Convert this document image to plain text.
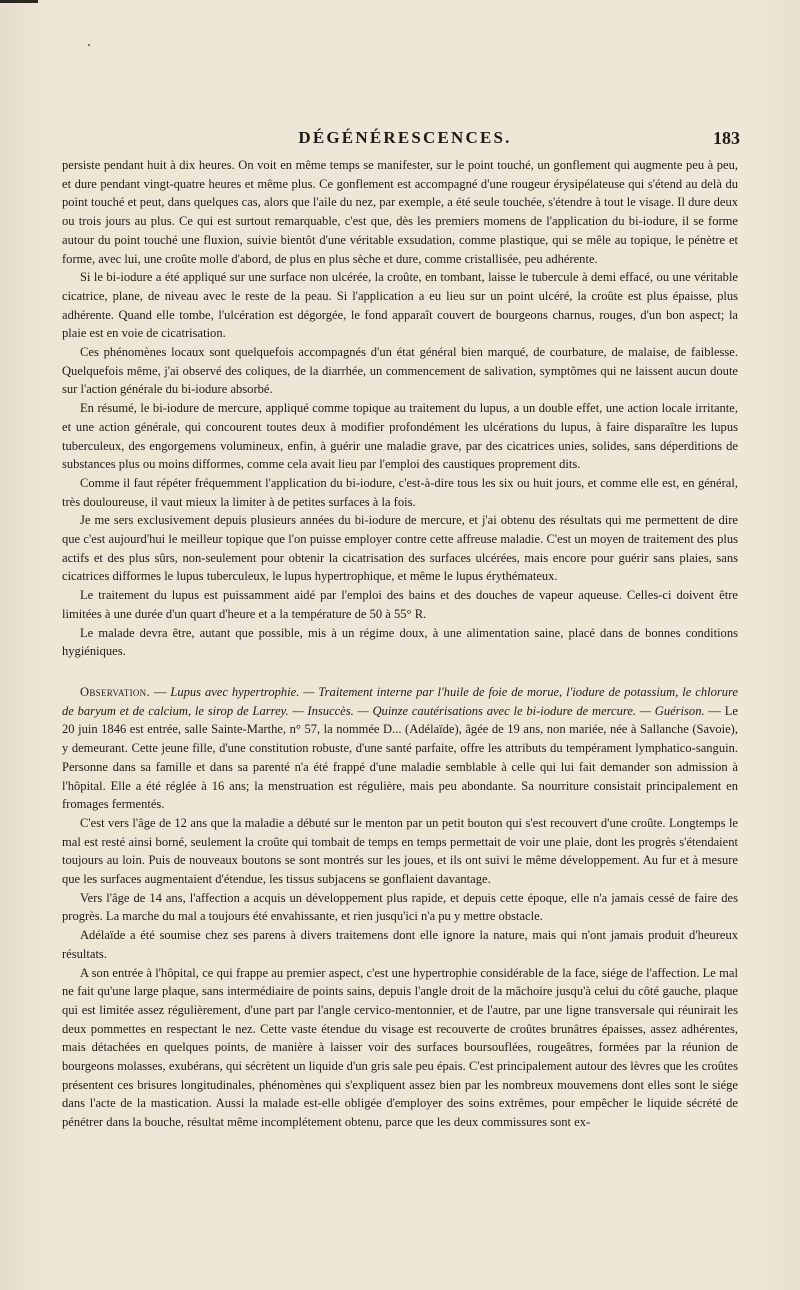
DÉGÉNÉRESCENCES.	183

persiste pendant huit à dix heures. On voit en même temps se manifester, sur le point touché, un gonflement qui augmente peu à peu, et dure pendant vingt-quatre heures et même plus. Ce gonflement est accompagné d'une rougeur érysipélateuse qui s'étend au delà du point touché et peut, dans quelques cas, alors que l'aile du nez, par exemple, a été seule touchée, s'étendre à tout le visage. Il dure deux ou trois jours au plus. Ce qui est surtout remarquable, c'est que, dès les premiers momens de l'application du bi-iodure, il se forme autour du point touché une fluxion, suivie bientôt d'une véritable exsudation, comme plastique, qui se mêle au topique, le pénètre et forme, avec lui, une croûte molle d'abord, de plus en plus sèche et dure, comme cristallisée, peu adhérente.

Si le bi-iodure a été appliqué sur une surface non ulcérée, la croûte, en tombant, laisse le tubercule à demi effacé, ou une véritable cicatrice, plane, de niveau avec le reste de la peau. Si l'application a eu lieu sur un point ulcéré, la croûte est plus épaisse, plus adhérente. Quand elle tombe, l'ulcération est dégorgée, le fond apparaît couvert de bourgeons charnus, rouges, d'un bon aspect; la plaie est en voie de cicatrisation.

Ces phénomènes locaux sont quelquefois accompagnés d'un état général bien marqué, de courbature, de malaise, de faiblesse. Quelquefois même, j'ai observé des coliques, de la diarrhée, un commencement de salivation, symptômes qui ne laissent aucun doute sur l'action générale du bi-iodure absorbé.

En résumé, le bi-iodure de mercure, appliqué comme topique au traitement du lupus, a un double effet, une action locale irritante, et une action générale, qui concourent toutes deux à modifier profondément les ulcérations du lupus, à faire disparaître les lupus tuberculeux, des engorgemens volumineux, enfin, à guérir une maladie grave, par des cicatrices unies, solides, sans déperditions de substances plus ou moins difformes, comme cela avait lieu par l'emploi des caustiques proprement dits.

Comme il faut répéter fréquemment l'application du bi-iodure, c'est-à-dire tous les six ou huit jours, et comme elle est, en général, très douloureuse, il vaut mieux la limiter à de petites surfaces à la fois.

Je me sers exclusivement depuis plusieurs années du bi-iodure de mercure, et j'ai obtenu des résultats qui me permettent de dire que c'est aujourd'hui le meilleur topique que l'on puisse employer contre cette affreuse maladie. C'est un moyen de traitement des plus actifs et des plus sûrs, non-seulement pour obtenir la cicatrisation des surfaces ulcérées, mais encore pour guérir sans plaies, sans cicatrices difformes le lupus tuberculeux, le lupus hypertrophique, et même le lupus érythémateux.

Le traitement du lupus est puissamment aidé par l'emploi des bains et des douches de vapeur aqueuse. Celles-ci doivent être limitées à une durée d'un quart d'heure et a la température de 50 à 55° R.

Le malade devra être, autant que possible, mis à un régime doux, à une alimentation saine, placé dans de bonnes conditions hygiéniques.

Observation. — Lupus avec hypertrophie. — Traitement interne par l'huile de foie de morue, l'iodure de potassium, le chlorure de baryum et de calcium, le sirop de Larrey. — Insuccès. — Quinze cautérisations avec le bi-iodure de mercure. — Guérison. — Le 20 juin 1846 est entrée, salle Sainte-Marthe, n° 57, la nommée D... (Adélaïde), âgée de 19 ans, non mariée, née à Sallanche (Savoie), y demeurant. Cette jeune fille, d'une constitution robuste, d'une santé parfaite, offre les attributs du tempérament lymphatico-sanguin. Personne dans sa famille et dans sa parenté n'a été frappé d'une maladie semblable à celle qui lui fait demander son admission à l'hôpital. Elle a été réglée à 16 ans; la menstruation est régulière, mais peu abondante. Sa nourriture consistait principalement en fromages fermentés.

C'est vers l'âge de 12 ans que la maladie a débuté sur le menton par un petit bouton qui s'est recouvert d'une croûte. Longtemps le mal est resté ainsi borné, seulement la croûte qui tombait de temps en temps permettait de voir une plaie, dont les progrès s'étendaient toujours au loin. Puis de nouveaux boutons se sont montrés sur les joues, et ils ont suivi le même développement. Au fur et à mesure que les surfaces augmentaient d'étendue, les tissus subjacens se gonflaient davantage.

Vers l'âge de 14 ans, l'affection a acquis un développement plus rapide, et depuis cette époque, elle n'a jamais cessé de faire des progrès. La marche du mal a toujours été envahissante, et rien jusqu'ici n'a pu y mettre obstacle.

Adélaïde a été soumise chez ses parens à divers traitemens dont elle ignore la nature, mais qui n'ont jamais produit d'heureux résultats.

A son entrée à l'hôpital, ce qui frappe au premier aspect, c'est une hypertrophie considérable de la face, siége de l'affection. Le mal ne fait qu'une large plaque, sans intermédiaire de points sains, depuis l'angle droit de la mâchoire jusqu'à celui du côté gauche, plaque qui est limitée assez régulièrement, d'une part par l'angle cervico-mentonnier, et de l'autre, par une ligne transversale qui réunirait les deux pommettes en respectant le nez. Cette vaste étendue du visage est recouverte de croûtes brunâtres épaisses, assez adhérentes, mais détachées en quelques points, de manière à laisser voir des surfaces boursouflées, rougeâtres, formées par la réunion de bourgeons molasses, exubérans, qui sécrètent un liquide d'un gris sale peu épais. C'est principalement autour des lèvres que les croûtes présentent ces brisures longitudinales, phénomènes qui s'expliquent assez bien par les nombreux mouvemens dont elles sont le siége dans l'acte de la mastication. Aussi la malade est-elle obligée d'employer des soins extrêmes, pour empêcher le liquide sécrété de pénétrer dans la bouche, résultat même incomplétement obtenu, parce que les deux commissures sont ex-
